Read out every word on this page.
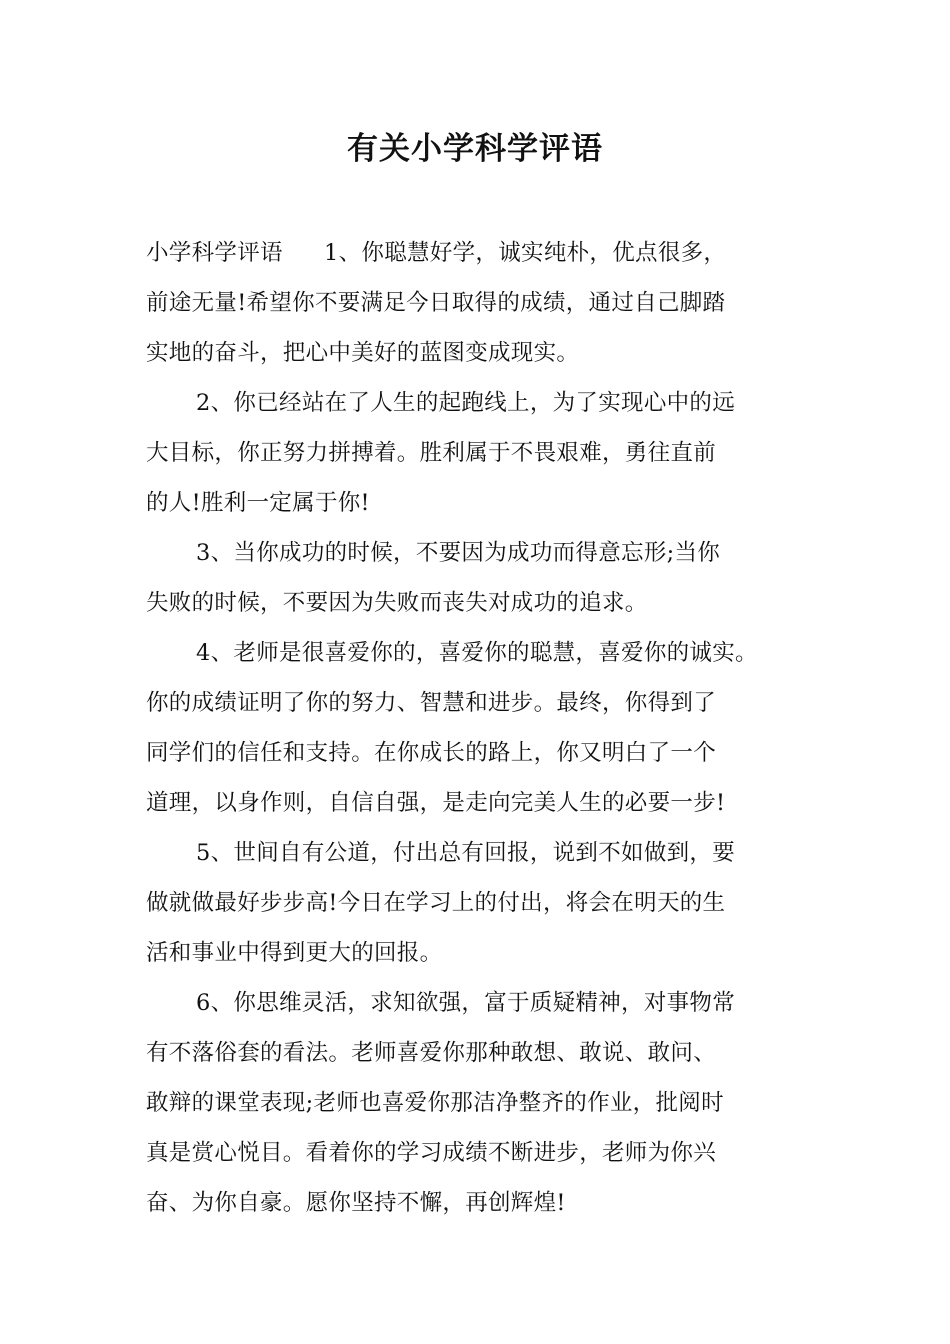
有关小学科学评语
小学科学评语 1、你聪慧好学，诚实纯朴，优点很多，
前途无量!希望你不要满足今日取得的成绩，通过自己脚踏
实地的奋斗，把心中美好的蓝图变成现实。
2、你已经站在了人生的起跑线上，为了实现心中的远
大目标，你正努力拼搏着。胜利属于不畏艰难，勇往直前
的人!胜利一定属于你!
3、当你成功的时候，不要因为成功而得意忘形;当你
失败的时候，不要因为失败而丧失对成功的追求。
4、老师是很喜爱你的，喜爱你的聪慧，喜爱你的诚实。
你的成绩证明了你的努力、智慧和进步。最终，你得到了
同学们的信任和支持。在你成长的路上，你又明白了一个
道理，以身作则，自信自强，是走向完美人生的必要一步!
5、世间自有公道，付出总有回报，说到不如做到，要
做就做最好步步高!今日在学习上的付出，将会在明天的生
活和事业中得到更大的回报。
6、你思维灵活，求知欲强，富于质疑精神，对事物常
有不落俗套的看法。老师喜爱你那种敢想、敢说、敢问、
敢辩的课堂表现;老师也喜爱你那洁净整齐的作业，批阅时
真是赏心悦目。看着你的学习成绩不断进步，老师为你兴
奋、为你自豪。愿你坚持不懈，再创辉煌!
